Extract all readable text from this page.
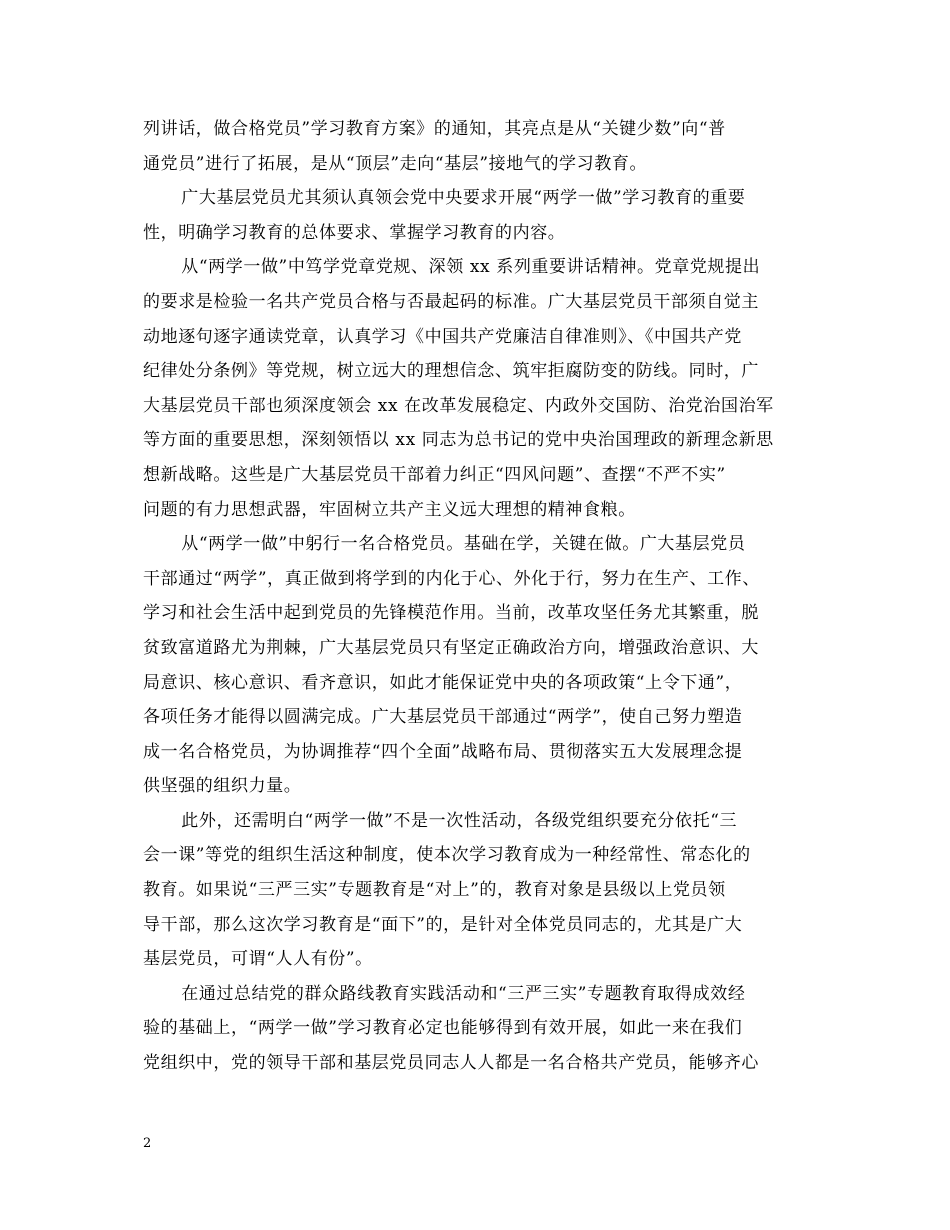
列讲话，做合格党员”学习教育方案》的通知，其亮点是从“关键少数”向“普
通党员”进行了拓展，是从“顶层”走向“基层”接地气的学习教育。

广大基层党员尤其须认真领会党中央要求开展“两学一做”学习教育的重要
性，明确学习教育的总体要求、掌握学习教育的内容。

从“两学一做”中笃学党章党规、深领 xx 系列重要讲话精神。党章党规提出
的要求是检验一名共产党员合格与否最起码的标准。广大基层党员干部须自觉主
动地逐句逐字通读党章，认真学习《中国共产党廉洁自律准则》、《中国共产党
纪律处分条例》等党规，树立远大的理想信念、筑牢拒腐防变的防线。同时，广
大基层党员干部也须深度领会 xx 在改革发展稳定、内政外交国防、治党治国治军
等方面的重要思想，深刻领悟以 xx 同志为总书记的党中央治国理政的新理念新思
想新战略。这些是广大基层党员干部着力纠正“四风问题”、查摆“不严不实”
问题的有力思想武器，牢固树立共产主义远大理想的精神食粮。

从“两学一做”中躬行一名合格党员。基础在学，关键在做。广大基层党员
干部通过“两学”，真正做到将学到的内化于心、外化于行，努力在生产、工作、
学习和社会生活中起到党员的先锋模范作用。当前，改革攻坚任务尤其繁重，脱
贫致富道路尤为荆棘，广大基层党员只有坚定正确政治方向，增强政治意识、大
局意识、核心意识、看齐意识，如此才能保证党中央的各项政策“上令下通”，
各项任务才能得以圆满完成。广大基层党员干部通过“两学”，使自己努力塑造
成一名合格党员，为协调推荐“四个全面”战略布局、贯彻落实五大发展理念提
供坚强的组织力量。

此外，还需明白“两学一做”不是一次性活动，各级党组织要充分依托“三
会一课”等党的组织生活这种制度，使本次学习教育成为一种经常性、常态化的
教育。如果说“三严三实”专题教育是“对上”的，教育对象是县级以上党员领
导干部，那么这次学习教育是“面下”的，是针对全体党员同志的，尤其是广大
基层党员，可谓“人人有份”。

在通过总结党的群众路线教育实践活动和“三严三实”专题教育取得成效经
验的基础上，“两学一做”学习教育必定也能够得到有效开展，如此一来在我们
党组织中，党的领导干部和基层党员同志人人都是一名合格共产党员，能够齐心

2
